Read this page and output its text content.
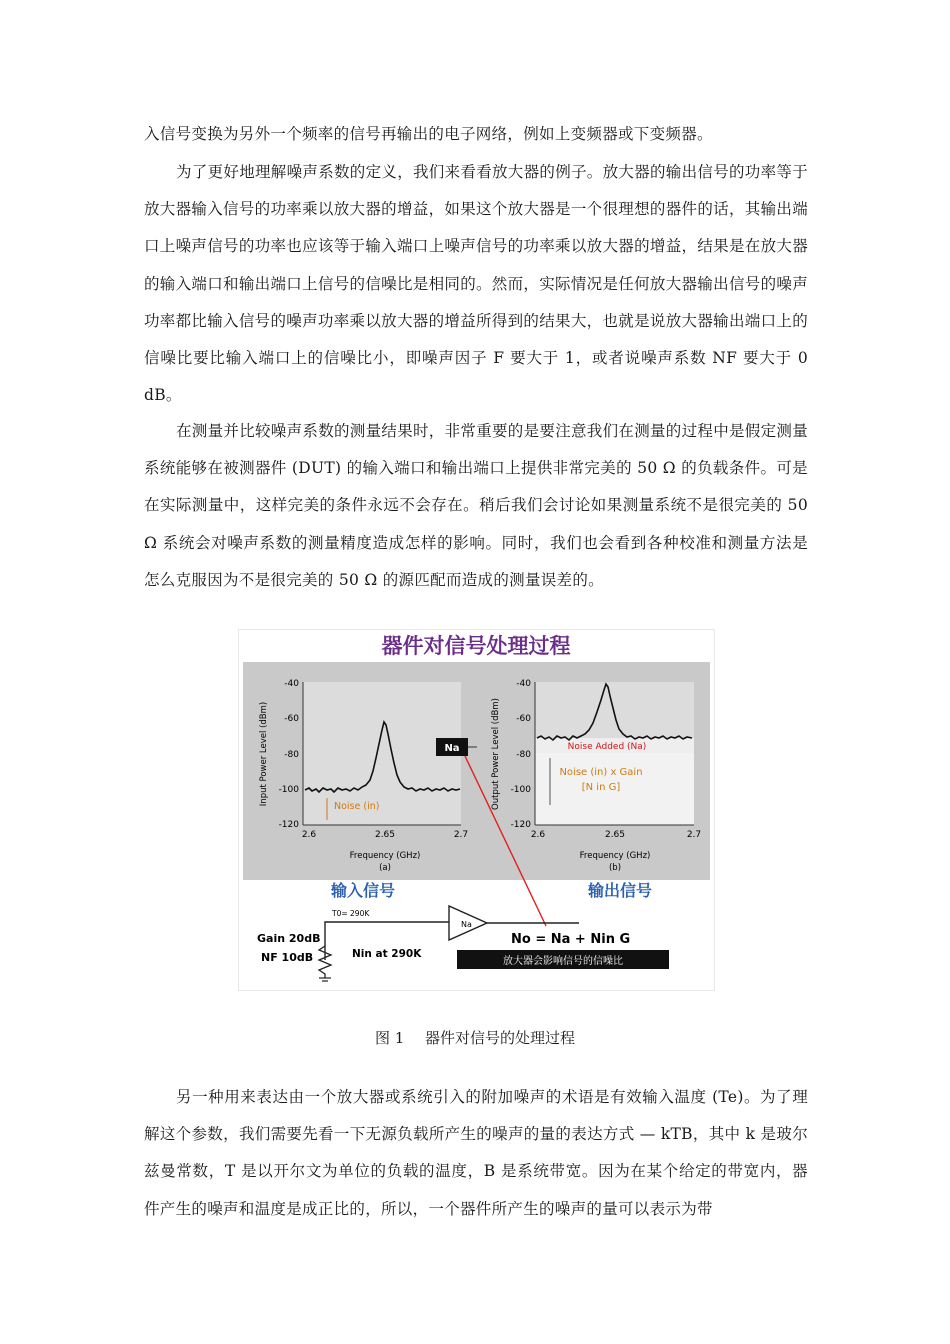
入信号变换为另外一个频率的信号再输出的电子网络，例如上变频器或下变频器。

为了更好地理解噪声系数的定义，我们来看看放大器的例子。放大器的输出信号的功率等于放大器输入信号的功率乘以放大器的增益，如果这个放大器是一个很理想的器件的话，其输出端口上噪声信号的功率也应该等于输入端口上噪声信号的功率乘以放大器的增益，结果是在放大器的输入端口和输出端口上信号的信噪比是相同的。然而，实际情况是任何放大器输出信号的噪声功率都比输入信号的噪声功率乘以放大器的增益所得到的结果大，也就是说放大器输出端口上的信噪比要比输入端口上的信噪比小，即噪声因子 F 要大于 1，或者说噪声系数 NF 要大于 0 dB。

在测量并比较噪声系数的测量结果时，非常重要的是要注意我们在测量的过程中是假定测量系统能够在被测器件 (DUT) 的输入端口和输出端口上提供非常完美的 50 Ω 的负载条件。可是在实际测量中，这样完美的条件永远不会存在。稍后我们会讨论如果测量系统不是很完美的 50 Ω 系统会对噪声系数的测量精度造成怎样的影响。同时，我们也会看到各种校准和测量方法是怎么克服因为不是很完美的 50 Ω 的源匹配而造成的测量误差的。

器件对信号处理过程
-40
-60
-80
-100
-120
2.6	2.65	2.7
Input Power Level (dBm)
Frequency (GHz)
(a)
Noise (in)
Na
-40
-60
-80
-100
-120
2.6	2.65	2.7
Output Power Level (dBm)
Frequency (GHz)
(b)
Noise Added (Na)
Noise (in) x Gain
[N in G]
输入信号	输出信号
T0= 290K
Na
Gain 20dB
NF 10dB	Nin at 290K
No = Na + Nin G
放大器会影响信号的信噪比
图 1 器件对信号的处理过程

另一种用来表达由一个放大器或系统引入的附加噪声的术语是有效输入温度 (Te)。为了理解这个参数，我们需要先看一下无源负载所产生的噪声的量的表达方式 — kTB，其中 k 是玻尔兹曼常数，T 是以开尔文为单位的负载的温度，B 是系统带宽。因为在某个给定的带宽内，器件产生的噪声和温度是成正比的，所以，一个器件所产生的噪声的量可以表示为带
